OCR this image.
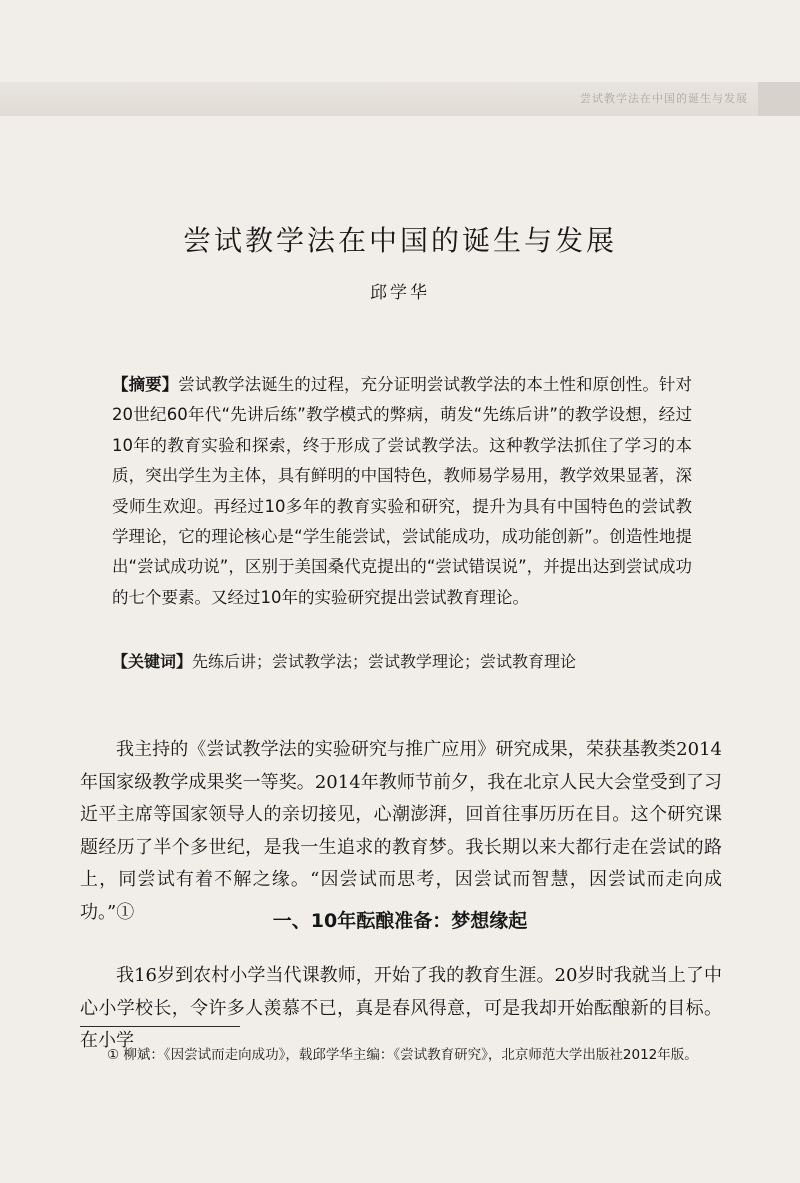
尝试教学法在中国的诞生与发展
尝试教学法在中国的诞生与发展
邱学华
【摘要】尝试教学法诞生的过程，充分证明尝试教学法的本土性和原创性。针对20世纪60年代“先讲后练”教学模式的弊病，萌发“先练后讲”的教学设想，经过10年的教育实验和探索，终于形成了尝试教学法。这种教学法抓住了学习的本质，突出学生为主体，具有鲜明的中国特色，教师易学易用，教学效果显著，深受师生欢迎。再经过10多年的教育实验和研究，提升为具有中国特色的尝试教学理论，它的理论核心是“学生能尝试，尝试能成功，成功能创新”。创造性地提出“尝试成功说”，区别于美国桑代克提出的“尝试错误说”，并提出达到尝试成功的七个要素。又经过10年的实验研究提出尝试教育理论。
【关键词】先练后讲；尝试教学法；尝试教学理论；尝试教育理论

我主持的《尝试教学法的实验研究与推广应用》研究成果，荣获基教类2014年国家级教学成果奖一等奖。2014年教师节前夕，我在北京人民大会堂受到了习近平主席等国家领导人的亲切接见，心潮澎湃，回首往事历历在目。这个研究课题经历了半个多世纪，是我一生追求的教育梦。我长期以来大都行走在尝试的路上，同尝试有着不解之缘。“因尝试而思考，因尝试而智慧，因尝试而走向成功。”①	一、10年酝酿准备：梦想缘起

我16岁到农村小学当代课教师，开始了我的教育生涯。20岁时我就当上了中心小学校长，令许多人羡慕不已，真是春风得意，可是我却开始酝酿新的目标。在小学

① 柳斌：《因尝试而走向成功》，载邱学华主编：《尝试教育研究》，北京师范大学出版社2012年版。
